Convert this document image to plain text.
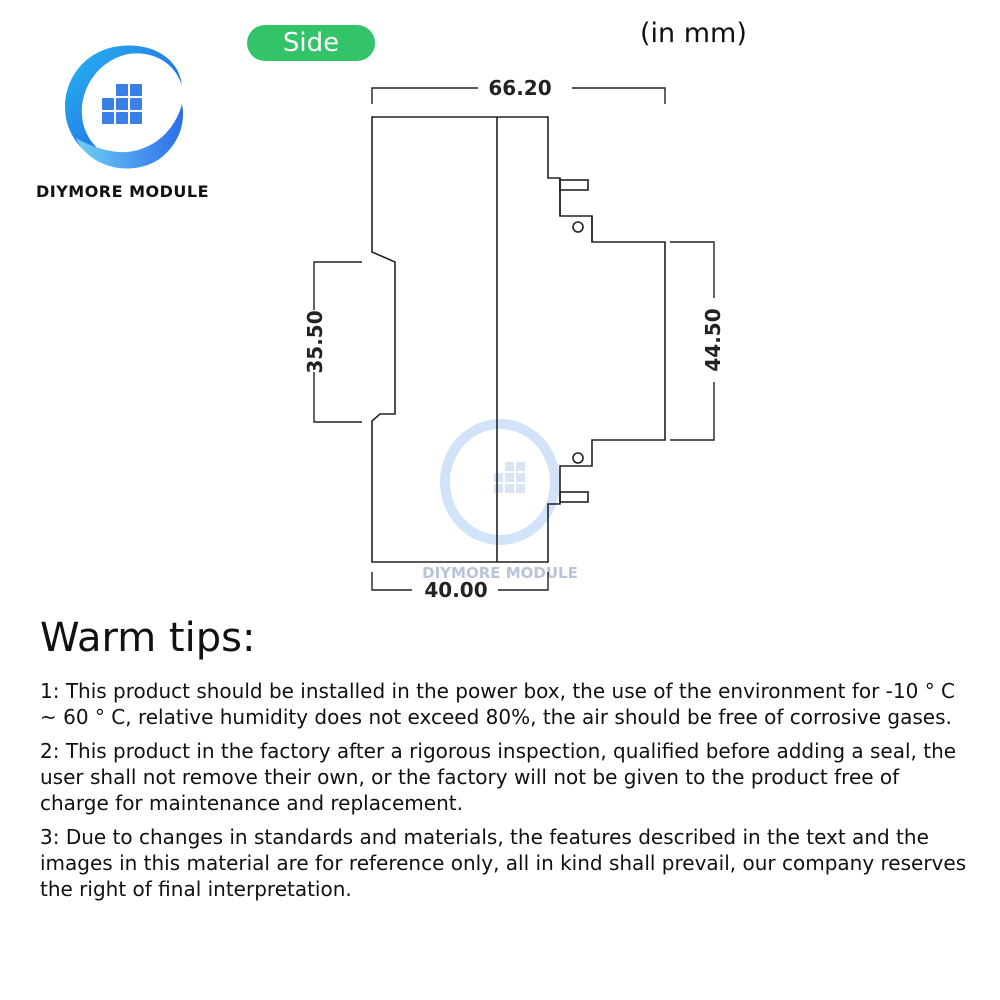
DIYMORE MODULE
Side	(in mm)
DIYMORE MODULE
66.20
35.50	44.50
40.00
Warm tips:

1: This product should be installed in the power box, the use of the environment for -10 ° C ~ 60 ° C, relative humidity does not exceed 80%, the air should be free of corrosive gases.

2: This product in the factory after a rigorous inspection, qualified before adding a seal, the user shall not remove their own, or the factory will not be given to the product free of charge for maintenance and replacement.

3: Due to changes in standards and materials, the features described in the text and the images in this material are for reference only, all in kind shall prevail, our company reserves the right of final interpretation.
